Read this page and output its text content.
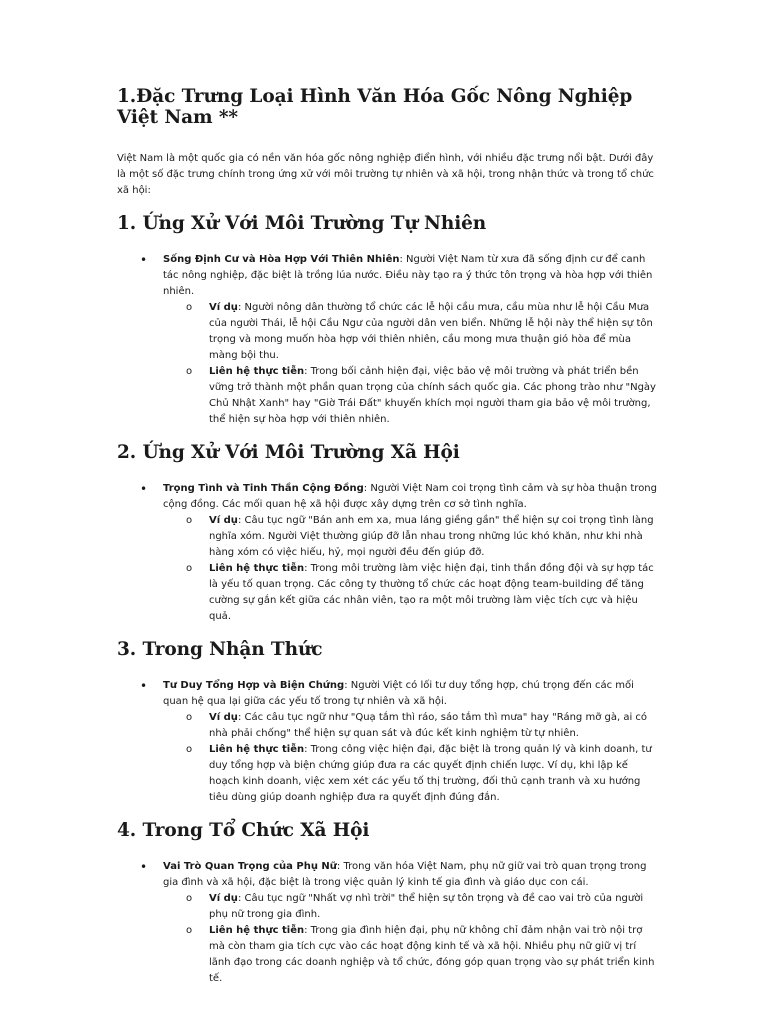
1.Đặc Trưng Loại Hình Văn Hóa Gốc Nông Nghiệp Việt Nam **

Việt Nam là một quốc gia có nền văn hóa gốc nông nghiệp điển hình, với nhiều đặc trưng nổi bật. Dưới đây là một số đặc trưng chính trong ứng xử với môi trường tự nhiên và xã hội, trong nhận thức và trong tổ chức xã hội:

1. Ứng Xử Với Môi Trường Tự Nhiên
• Sống Định Cư và Hòa Hợp Với Thiên Nhiên: Người Việt Nam từ xưa đã sống định cư để canh tác nông nghiệp, đặc biệt là trồng lúa nước. Điều này tạo ra ý thức tôn trọng và hòa hợp với thiên nhiên.
o Ví dụ: Người nông dân thường tổ chức các lễ hội cầu mưa, cầu mùa như lễ hội Cầu Mưa của người Thái, lễ hội Cầu Ngư của người dân ven biển. Những lễ hội này thể hiện sự tôn trọng và mong muốn hòa hợp với thiên nhiên, cầu mong mưa thuận gió hòa để mùa màng bội thu.
o Liên hệ thực tiễn: Trong bối cảnh hiện đại, việc bảo vệ môi trường và phát triển bền vững trở thành một phần quan trọng của chính sách quốc gia. Các phong trào như "Ngày Chủ Nhật Xanh" hay "Giờ Trái Đất" khuyến khích mọi người tham gia bảo vệ môi trường, thể hiện sự hòa hợp với thiên nhiên.
2. Ứng Xử Với Môi Trường Xã Hội
• Trọng Tình và Tinh Thần Cộng Đồng: Người Việt Nam coi trọng tình cảm và sự hòa thuận trong cộng đồng. Các mối quan hệ xã hội được xây dựng trên cơ sở tình nghĩa.
o Ví dụ: Câu tục ngữ "Bán anh em xa, mua láng giềng gần" thể hiện sự coi trọng tình làng nghĩa xóm. Người Việt thường giúp đỡ lẫn nhau trong những lúc khó khăn, như khi nhà hàng xóm có việc hiếu, hỷ, mọi người đều đến giúp đỡ.
o Liên hệ thực tiễn: Trong môi trường làm việc hiện đại, tinh thần đồng đội và sự hợp tác là yếu tố quan trọng. Các công ty thường tổ chức các hoạt động team-building để tăng cường sự gắn kết giữa các nhân viên, tạo ra một môi trường làm việc tích cực và hiệu quả.
3. Trong Nhận Thức
• Tư Duy Tổng Hợp và Biện Chứng: Người Việt có lối tư duy tổng hợp, chú trọng đến các mối quan hệ qua lại giữa các yếu tố trong tự nhiên và xã hội.
o Ví dụ: Các câu tục ngữ như "Quạ tắm thì ráo, sáo tắm thì mưa" hay "Ráng mỡ gà, ai có nhà phải chống" thể hiện sự quan sát và đúc kết kinh nghiệm từ tự nhiên.
o Liên hệ thực tiễn: Trong công việc hiện đại, đặc biệt là trong quản lý và kinh doanh, tư duy tổng hợp và biện chứng giúp đưa ra các quyết định chiến lược. Ví dụ, khi lập kế hoạch kinh doanh, việc xem xét các yếu tố thị trường, đối thủ cạnh tranh và xu hướng tiêu dùng giúp doanh nghiệp đưa ra quyết định đúng đắn.
4. Trong Tổ Chức Xã Hội
• Vai Trò Quan Trọng của Phụ Nữ: Trong văn hóa Việt Nam, phụ nữ giữ vai trò quan trọng trong gia đình và xã hội, đặc biệt là trong việc quản lý kinh tế gia đình và giáo dục con cái.
o Ví dụ: Câu tục ngữ "Nhất vợ nhì trời" thể hiện sự tôn trọng và đề cao vai trò của người phụ nữ trong gia đình.
o Liên hệ thực tiễn: Trong gia đình hiện đại, phụ nữ không chỉ đảm nhận vai trò nội trợ mà còn tham gia tích cực vào các hoạt động kinh tế và xã hội. Nhiều phụ nữ giữ vị trí lãnh đạo trong các doanh nghiệp và tổ chức, đóng góp quan trọng vào sự phát triển kinh tế.
